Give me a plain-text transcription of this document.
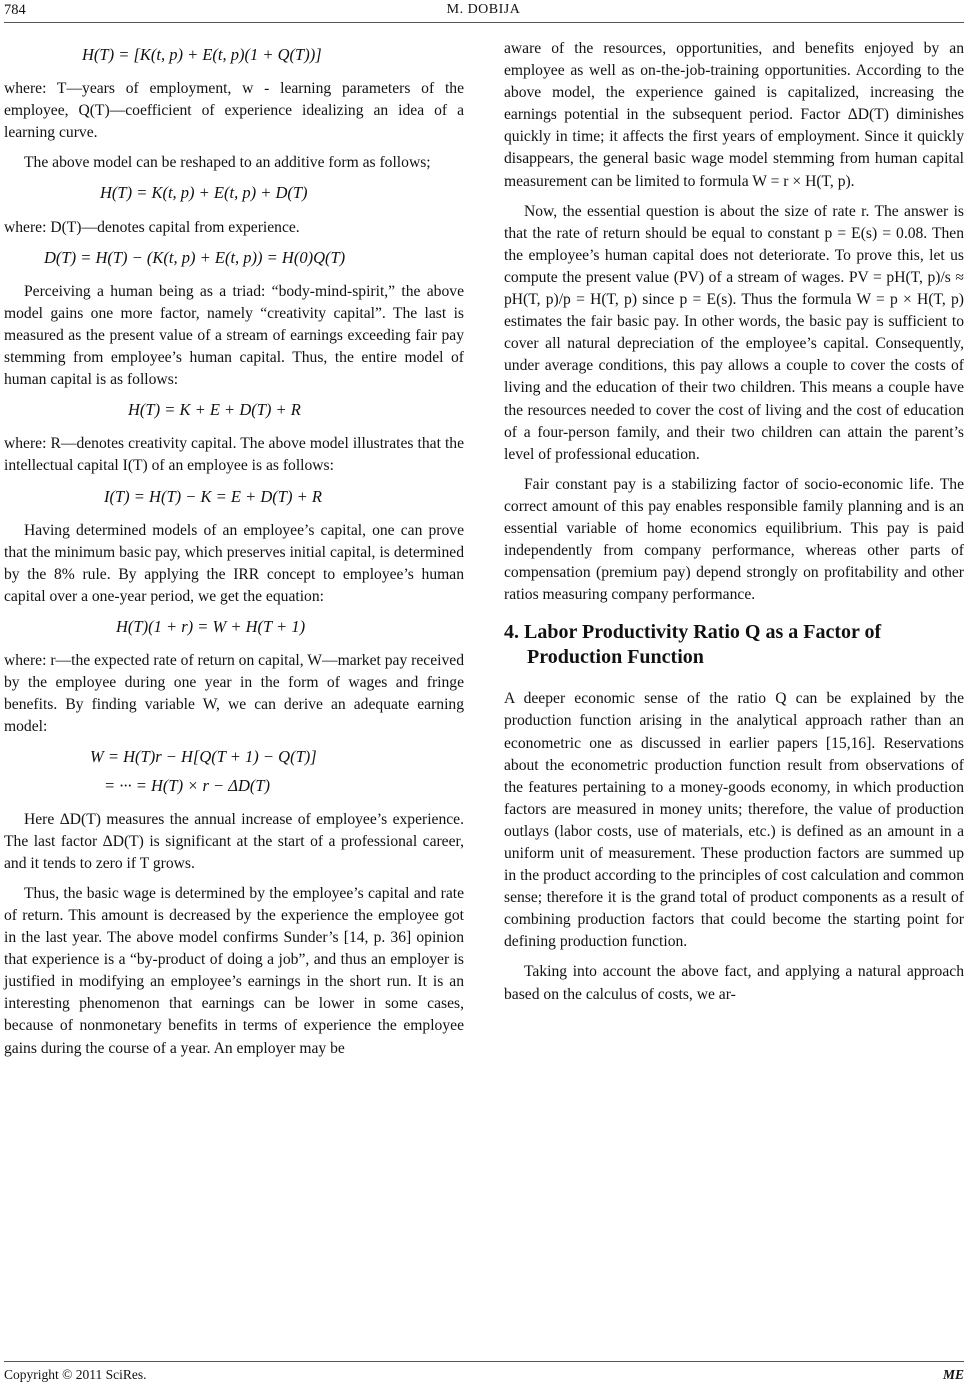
784	M. DOBIJA
H(T) = [K(t, p) + E(t, p)(1 + Q(T))]

where: T—years of employment, w - learning parameters of the employee, Q(T)—coefficient of experience idealizing an idea of a learning curve.

The above model can be reshaped to an additive form as follows;

H(T) = K(t, p) + E(t, p) + D(T)

where: D(T)—denotes capital from experience.

D(T) = H(T) − (K(t, p) + E(t, p)) = H(0)Q(T)

Perceiving a human being as a triad: “body-mind-spirit,” the above model gains one more factor, namely “creativity capital”. The last is measured as the present value of a stream of earnings exceeding fair pay stemming from employee’s human capital. Thus, the entire model of human capital is as follows:

H(T) = K + E + D(T) + R

where: R—denotes creativity capital. The above model illustrates that the intellectual capital I(T) of an employee is as follows:

I(T) = H(T) − K = E + D(T) + R

Having determined models of an employee’s capital, one can prove that the minimum basic pay, which preserves initial capital, is determined by the 8% rule. By applying the IRR concept to employee’s human capital over a one-year period, we get the equation:

H(T)(1 + r) = W + H(T + 1)

where: r—the expected rate of return on capital, W—market pay received by the employee during one year in the form of wages and fringe benefits. By finding variable W, we can derive an adequate earning model:

W = H(T)r − H[Q(T + 1) − Q(T)]
= ··· = H(T) × r − ΔD(T)

Here ΔD(T) measures the annual increase of employee’s experience. The last factor ΔD(T) is significant at the start of a professional career, and it tends to zero if T grows.

Thus, the basic wage is determined by the employee’s capital and rate of return. This amount is decreased by the experience the employee got in the last year. The above model confirms Sunder’s [14, p. 36] opinion that experience is a “by-product of doing a job”, and thus an employer is justified in modifying an employee’s earnings in the short run. It is an interesting phenomenon that earnings can be lower in some cases, because of nonmonetary benefits in terms of experience the employee gains during the course of a year. An employer may be

aware of the resources, opportunities, and benefits enjoyed by an employee as well as on-the-job-training opportunities. According to the above model, the experience gained is capitalized, increasing the earnings potential in the subsequent period. Factor ΔD(T) diminishes quickly in time; it affects the first years of employment. Since it quickly disappears, the general basic wage model stemming from human capital measurement can be limited to formula W = r × H(T, p).

Now, the essential question is about the size of rate r. The answer is that the rate of return should be equal to constant p = E(s) = 0.08. Then the employee’s human capital does not deteriorate. To prove this, let us compute the present value (PV) of a stream of wages. PV = pH(T, p)/s ≈ pH(T, p)/p = H(T, p) since p = E(s). Thus the formula W = p × H(T, p) estimates the fair basic pay. In other words, the basic pay is sufficient to cover all natural depreciation of the employee’s capital. Consequently, under average conditions, this pay allows a couple to cover the costs of living and the education of their two children. This means a couple have the resources needed to cover the cost of living and the cost of education of a four-person family, and their two children can attain the parent’s level of professional education.

Fair constant pay is a stabilizing factor of socio-economic life. The correct amount of this pay enables responsible family planning and is an essential variable of home economics equilibrium. This pay is paid independently from company performance, whereas other parts of compensation (premium pay) depend strongly on profitability and other ratios measuring company performance.

4. Labor Productivity Ratio Q as a Factor of
Production Function

A deeper economic sense of the ratio Q can be explained by the production function arising in the analytical approach rather than an econometric one as discussed in earlier papers [15,16]. Reservations about the econometric production function result from observations of the features pertaining to a money-goods economy, in which production factors are measured in money units; therefore, the value of production outlays (labor costs, use of materials, etc.) is defined as an amount in a uniform unit of measurement. These production factors are summed up in the product according to the principles of cost calculation and common sense; therefore it is the grand total of product components as a result of combining production factors that could become the starting point for defining production function.

Taking into account the above fact, and applying a natural approach based on the calculus of costs, we ar-

Copyright © 2011 SciRes.	ME
